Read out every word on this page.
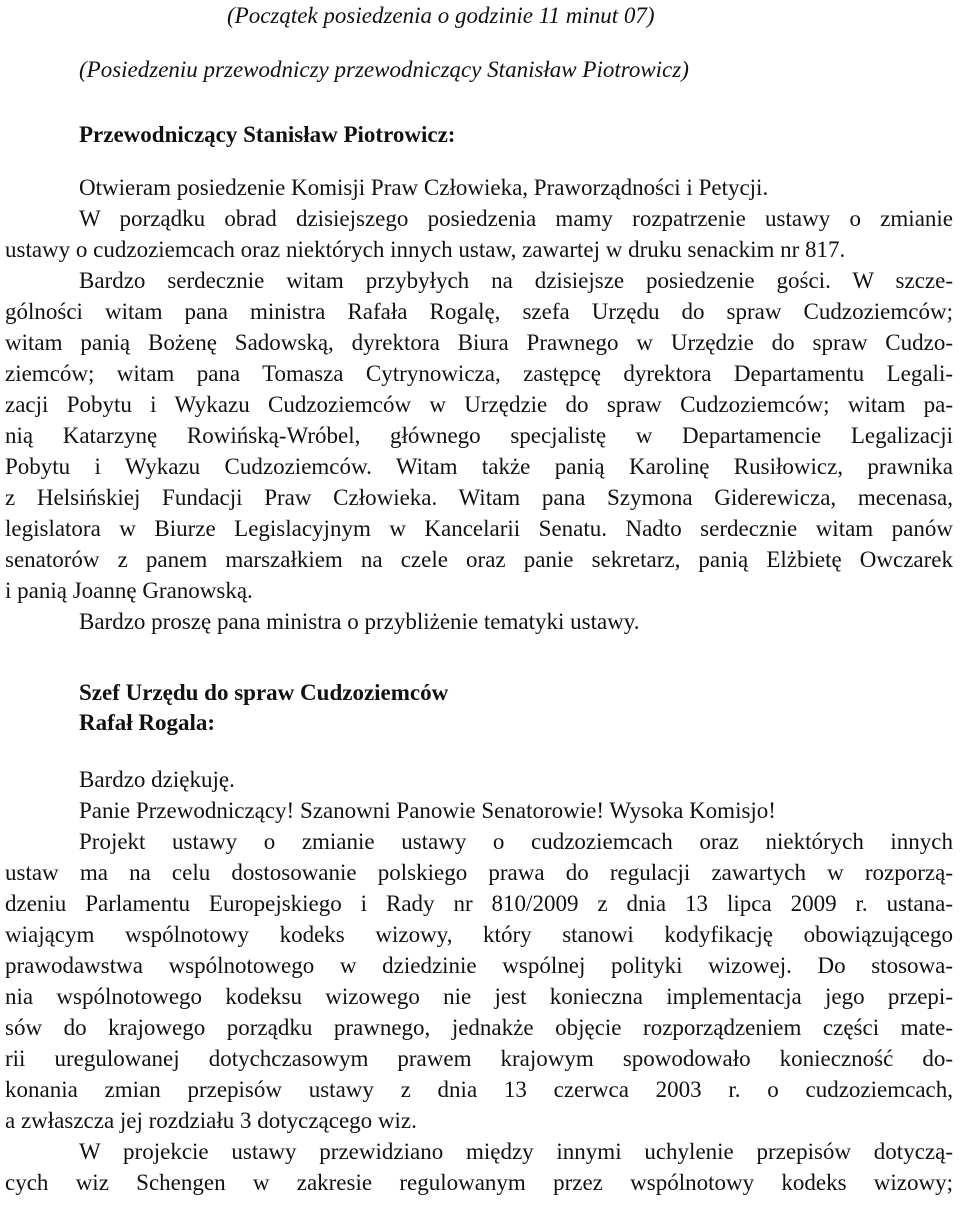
(Początek posiedzenia o godzinie 11 minut 07)
(Posiedzeniu przewodniczy przewodniczący Stanisław Piotrowicz)
Przewodniczący Stanisław Piotrowicz:
Otwieram posiedzenie Komisji Praw Człowieka, Praworządności i Petycji.
W porządku obrad dzisiejszego posiedzenia mamy rozpatrzenie ustawy o zmianie
ustawy o cudzoziemcach oraz niektórych innych ustaw, zawartej w druku senackim nr 817.
Bardzo serdecznie witam przybyłych na dzisiejsze posiedzenie gości. W szcze-
gólności witam pana ministra Rafała Rogalę, szefa Urzędu do spraw Cudzoziemców;
witam panią Bożenę Sadowską, dyrektora Biura Prawnego w Urzędzie do spraw Cudzo-
ziemców; witam pana Tomasza Cytrynowicza, zastępcę dyrektora Departamentu Legali-
zacji Pobytu i Wykazu Cudzoziemców w Urzędzie do spraw Cudzoziemców; witam pa-
nią Katarzynę Rowińską-Wróbel, głównego specjalistę w Departamencie Legalizacji
Pobytu i Wykazu Cudzoziemców. Witam także panią Karolinę Rusiłowicz, prawnika
z Helsińskiej Fundacji Praw Człowieka. Witam pana Szymona Giderewicza, mecenasa,
legislatora w Biurze Legislacyjnym w Kancelarii Senatu. Nadto serdecznie witam panów
senatorów z panem marszałkiem na czele oraz panie sekretarz, panią Elżbietę Owczarek
i panią Joannę Granowską.
Bardzo proszę pana ministra o przybliżenie tematyki ustawy.
Szef Urzędu do spraw Cudzoziemców
Rafał Rogala:
Bardzo dziękuję.
Panie Przewodniczący! Szanowni Panowie Senatorowie! Wysoka Komisjo!
Projekt ustawy o zmianie ustawy o cudzoziemcach oraz niektórych innych
ustaw ma na celu dostosowanie polskiego prawa do regulacji zawartych w rozporzą-
dzeniu Parlamentu Europejskiego i Rady nr 810/2009 z dnia 13 lipca 2009 r. ustana-
wiającym wspólnotowy kodeks wizowy, który stanowi kodyfikację obowiązującego
prawodawstwa wspólnotowego w dziedzinie wspólnej polityki wizowej. Do stosowa-
nia wspólnotowego kodeksu wizowego nie jest konieczna implementacja jego przepi-
sów do krajowego porządku prawnego, jednakże objęcie rozporządzeniem części mate-
rii uregulowanej dotychczasowym prawem krajowym spowodowało konieczność do-
konania zmian przepisów ustawy z dnia 13 czerwca 2003 r. o cudzoziemcach,
a zwłaszcza jej rozdziału 3 dotyczącego wiz.
W projekcie ustawy przewidziano między innymi uchylenie przepisów dotyczą-
cych wiz Schengen w zakresie regulowanym przez wspólnotowy kodeks wizowy;
